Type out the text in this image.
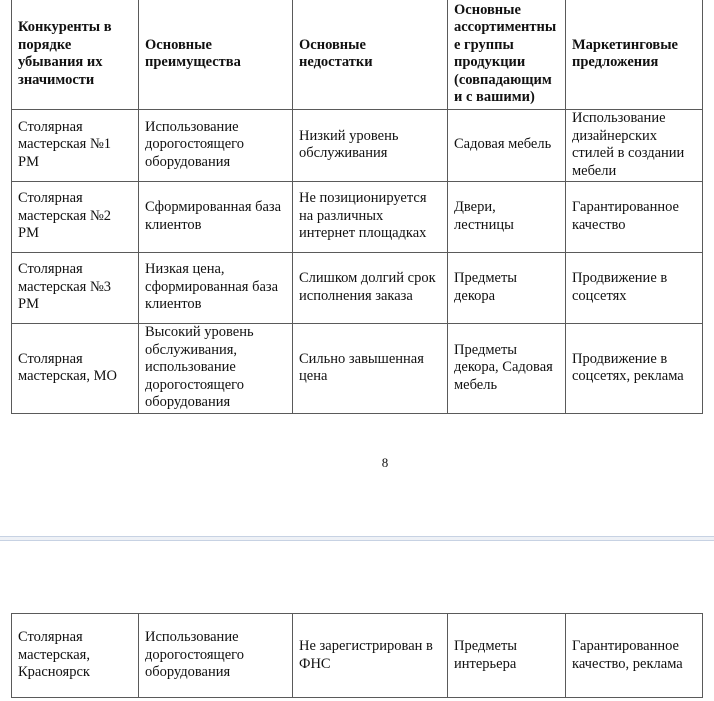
Конкуренты в порядке убывания их значимости	Основные преимущества	Основные недостатки	Основные ассортиментны е группы продукции (совпадающим и с вашими)	Маркетинговые предложения
Столярная мастерская №1 РМ	Использование дорогостоящего оборудования	Низкий уровень обслуживания	Садовая мебель	Использование дизайнерских стилей в создании мебели
Столярная мастерская №2 РМ	Сформированная база клиентов	Не позиционируется на различных интернет площадках	Двери, лестницы	Гарантированное качество
Столярная мастерская №3 РМ	Низкая цена, сформированная база клиентов	Слишком долгий срок исполнения заказа	Предметы декора	Продвижение в соцсетях
Столярная мастерская, МО	Высокий уровень обслуживания, использование дорогостоящего оборудования	Сильно завышенная цена	Предметы декора, Садовая мебель	Продвижение в соцсетях, реклама
8
Столярная мастерская, Красноярск	Использование дорогостоящего оборудования	Не зарегистрирован в ФНС	Предметы интерьера	Гарантированное качество, реклама
